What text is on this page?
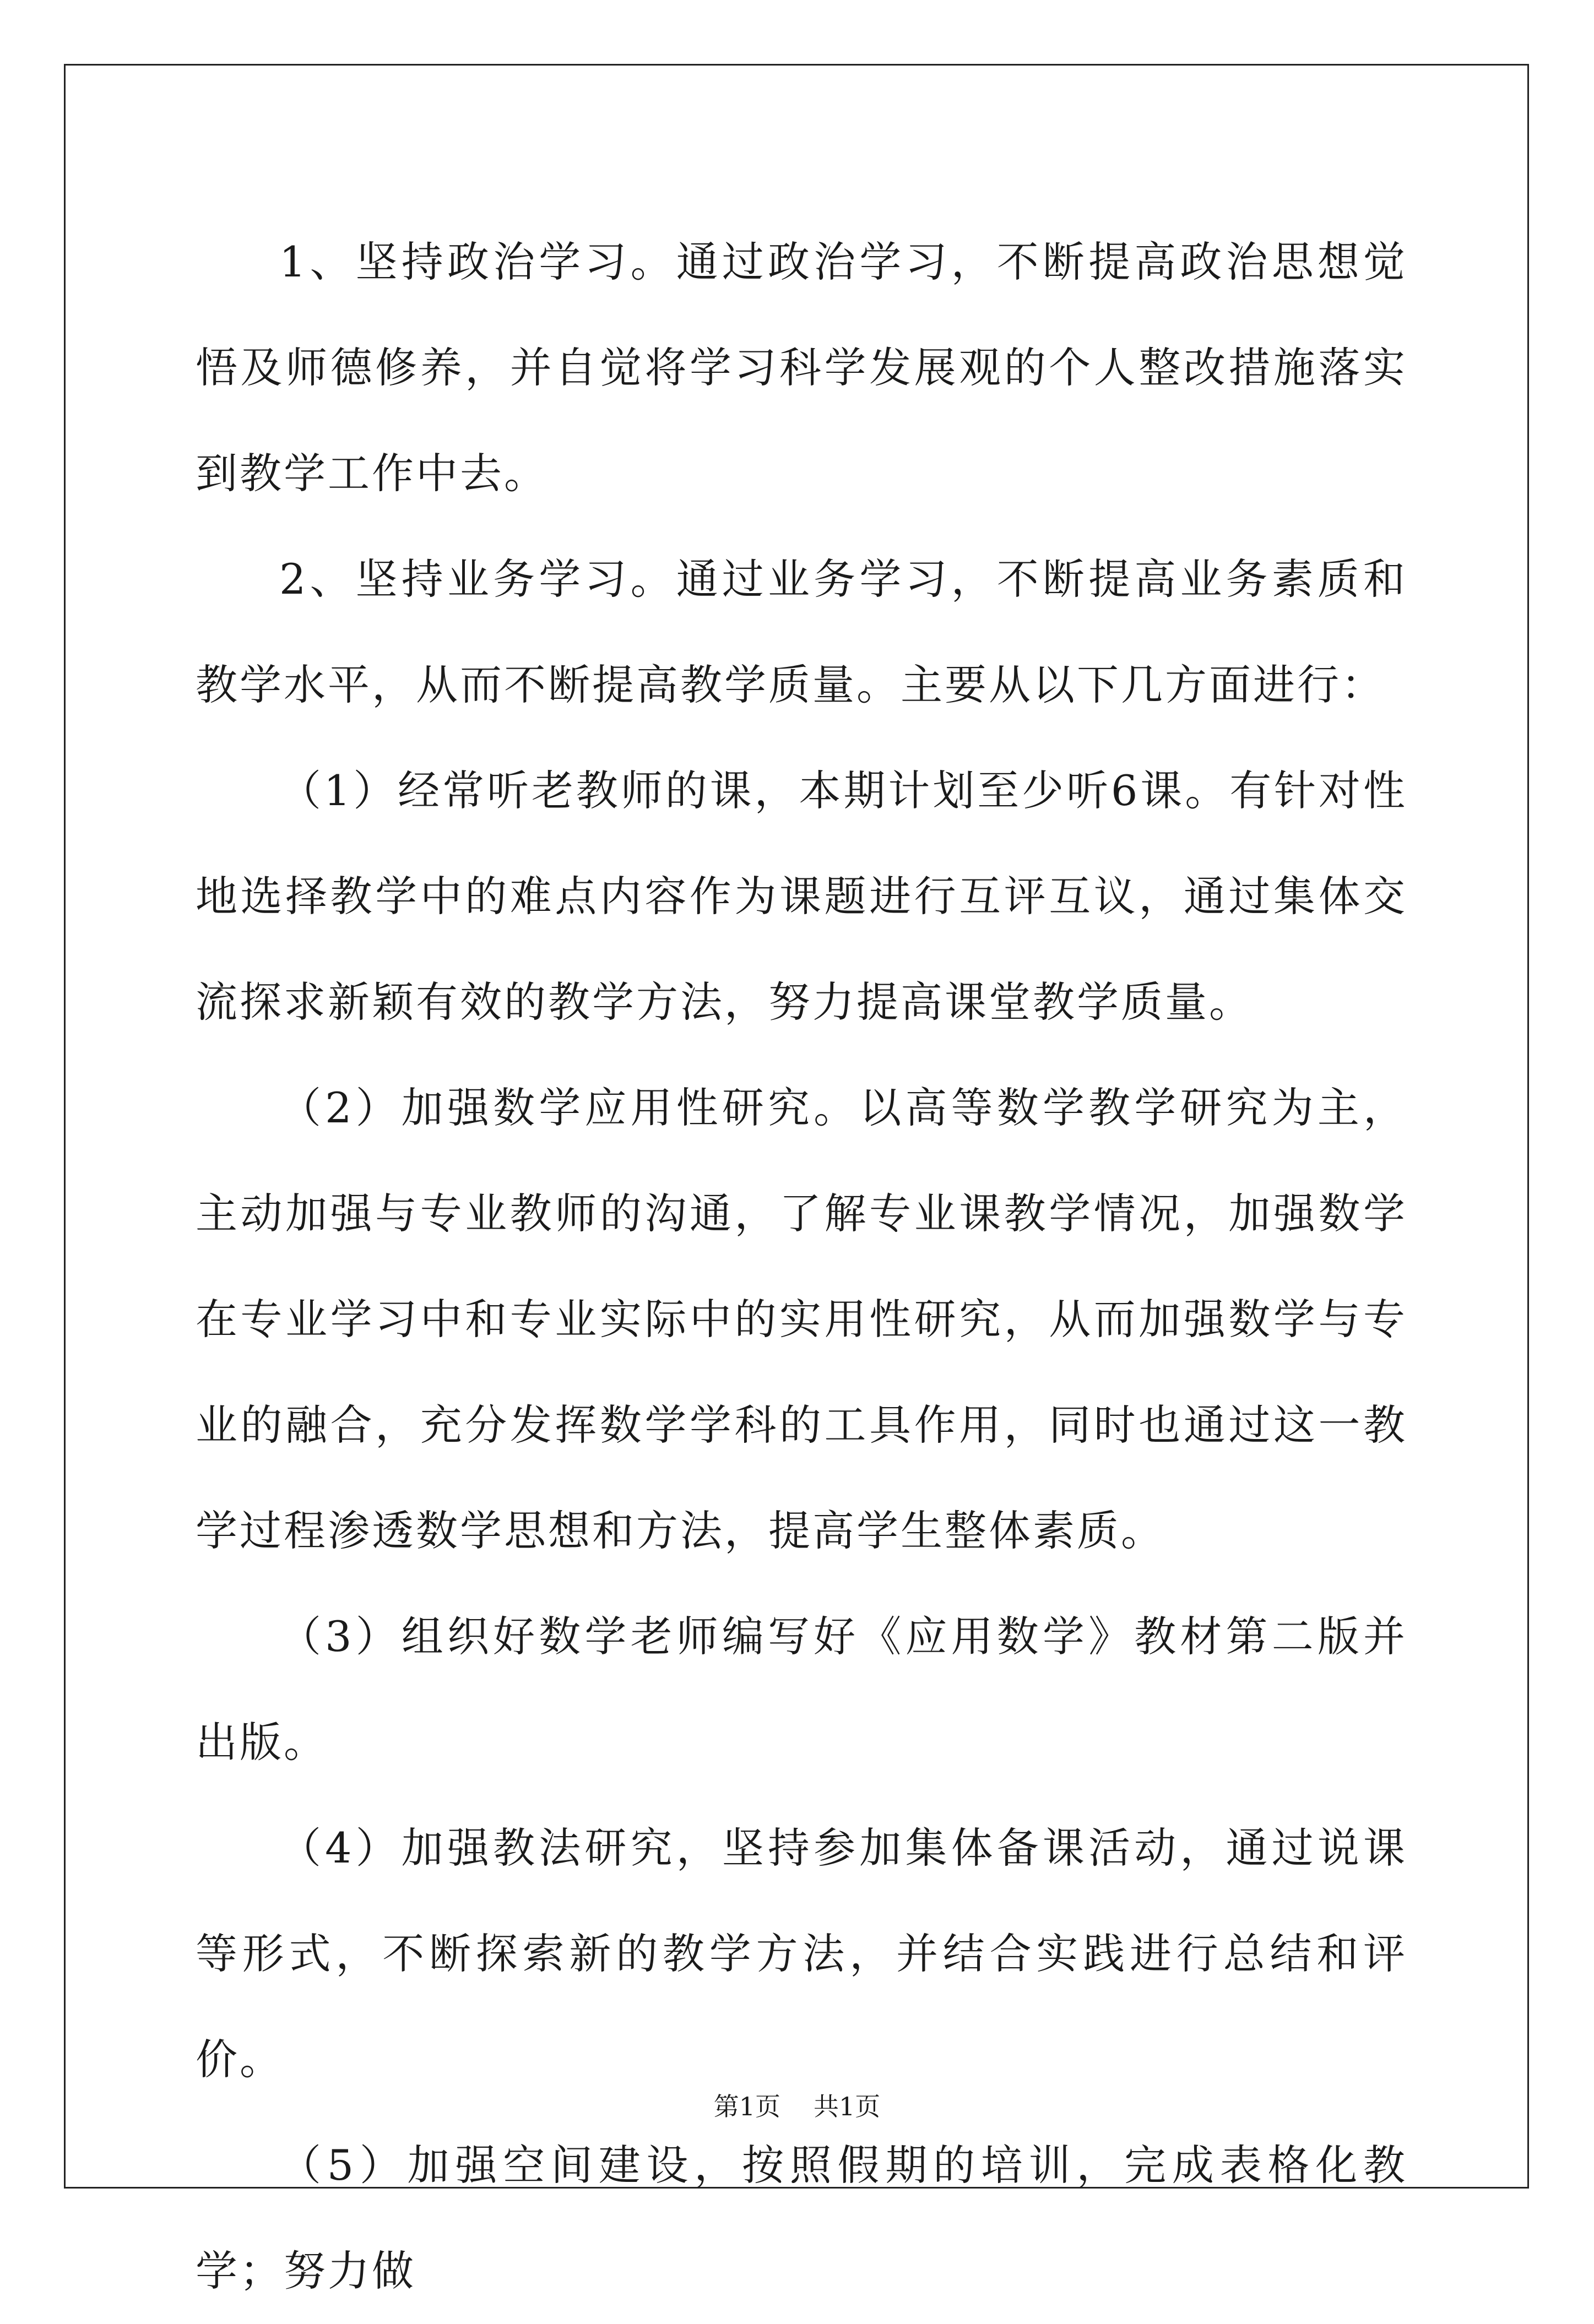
1、坚持政治学习。通过政治学习，不断提高政治思想觉悟及师德修养，并自觉将学习科学发展观的个人整改措施落实到教学工作中去。

2、坚持业务学习。通过业务学习，不断提高业务素质和教学水平，从而不断提高教学质量。主要从以下几方面进行：

（1）经常听老教师的课，本期计划至少听6课。有针对性地选择教学中的难点内容作为课题进行互评互议，通过集体交流探求新颖有效的教学方法，努力提高课堂教学质量。

（2）加强数学应用性研究。以高等数学教学研究为主，主动加强与专业教师的沟通，了解专业课教学情况，加强数学在专业学习中和专业实际中的实用性研究，从而加强数学与专业的融合，充分发挥数学学科的工具作用，同时也通过这一教学过程渗透数学思想和方法，提高学生整体素质。

（3）组织好数学老师编写好《应用数学》教材第二版并出版。

（4）加强教法研究，坚持参加集体备课活动，通过说课等形式，不断探索新的教学方法，并结合实践进行总结和评价。

（5）加强空间建设，按照假期的培训，完成表格化教学；努力做

第1页 共1页
